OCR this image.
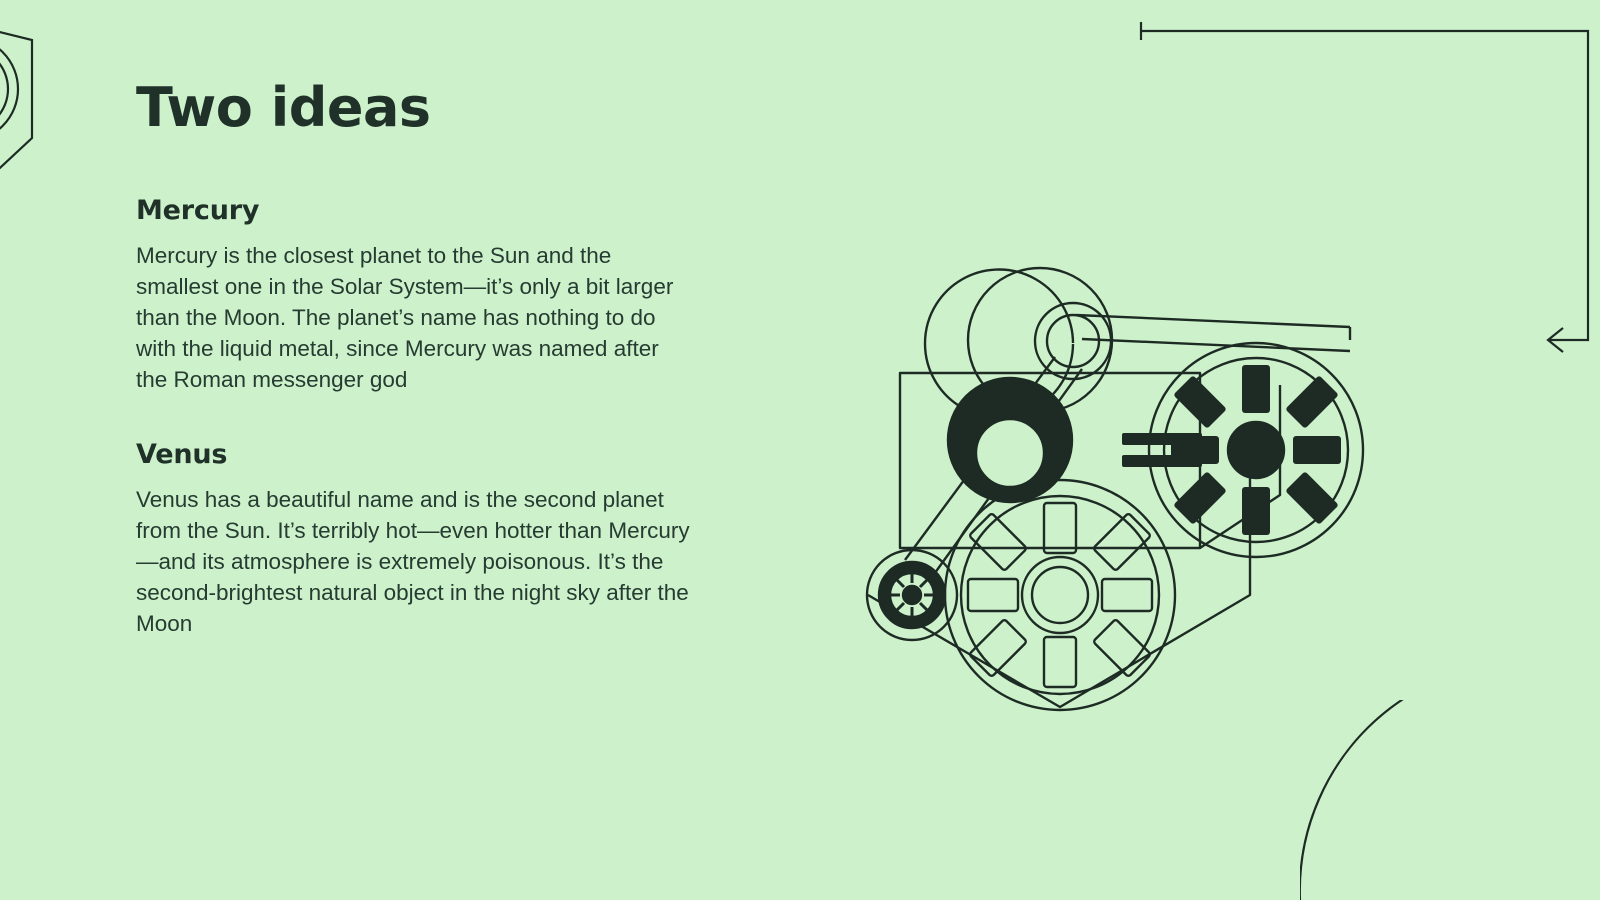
Two ideas
Mercury

Mercury is the closest planet to the Sun and the smallest one in the Solar System—it’s only a bit larger than the Moon. The planet’s name has nothing to do with the liquid metal, since Mercury was named after the Roman messenger god

Venus

Venus has a beautiful name and is the second planet from the Sun. It’s terribly hot—even hotter than Mercury—and its atmosphere is extremely poisonous. It’s the second-brightest natural object in the night sky after the Moon
